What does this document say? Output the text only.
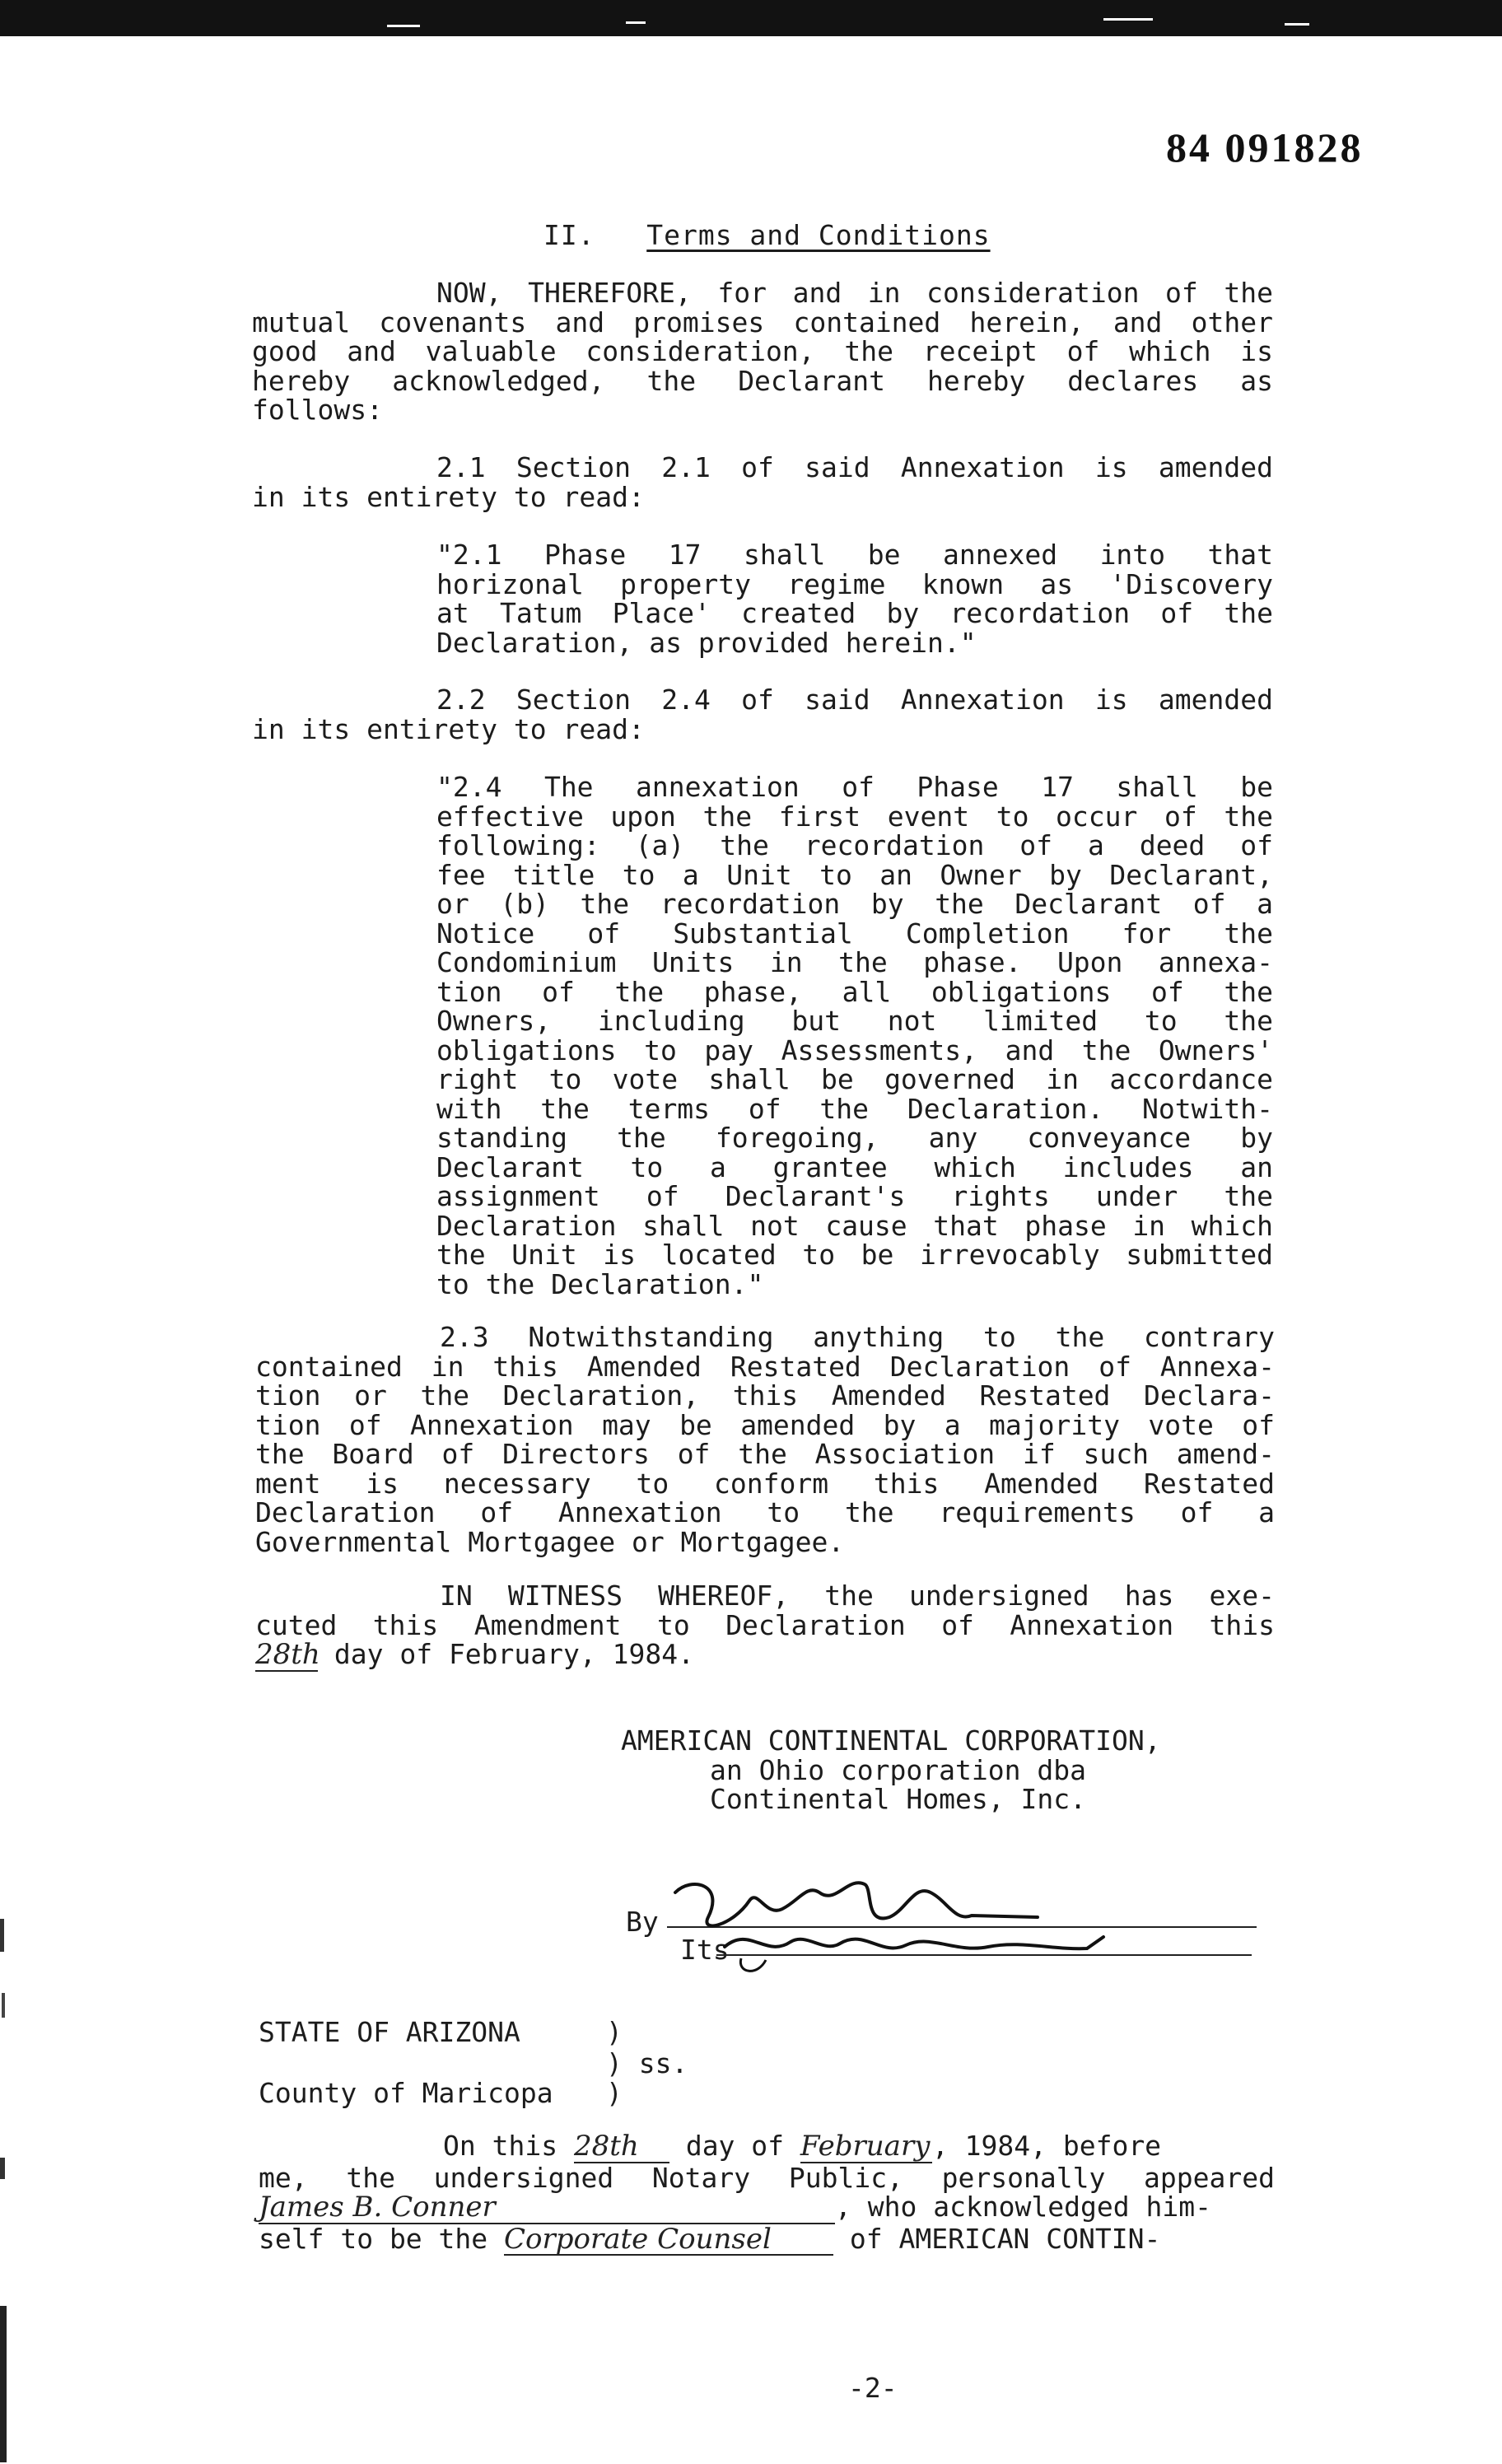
84 091828
II. Terms and Conditions
NOW, THEREFORE, for and in consideration of the
mutual covenants and promises contained herein, and other
good and valuable consideration, the receipt of which is
hereby acknowledged, the Declarant hereby declares as
follows:
2.1 Section 2.1 of said Annexation is amended
in its entirety to read:
"2.1 Phase 17 shall be annexed into that
horizonal property regime known as 'Discovery
at Tatum Place' created by recordation of the
Declaration, as provided herein."
2.2 Section 2.4 of said Annexation is amended
in its entirety to read:
"2.4 The annexation of Phase 17 shall be
effective upon the first event to occur of the
following: (a) the recordation of a deed of
fee title to a Unit to an Owner by Declarant,
or (b) the recordation by the Declarant of a
Notice of Substantial Completion for the
Condominium Units in the phase. Upon annexa-
tion of the phase, all obligations of the
Owners, including but not limited to the
obligations to pay Assessments, and the Owners'
right to vote shall be governed in accordance
with the terms of the Declaration. Notwith-
standing the foregoing, any conveyance by
Declarant to a grantee which includes an
assignment of Declarant's rights under the
Declaration shall not cause that phase in which
the Unit is located to be irrevocably submitted
to the Declaration."
2.3 Notwithstanding anything to the contrary
contained in this Amended Restated Declaration of Annexa-
tion or the Declaration, this Amended Restated Declara-
tion of Annexation may be amended by a majority vote of
the Board of Directors of the Association if such amend-
ment is necessary to conform this Amended Restated
Declaration of Annexation to the requirements of a
Governmental Mortgagee or Mortgagee.
IN WITNESS WHEREOF, the undersigned has exe-
cuted this Amendment to Declaration of Annexation this
28th day of February, 1984.
AMERICAN CONTINENTAL CORPORATION,
an Ohio corporation dba
Continental Homes, Inc.
By
Its
STATE OF ARIZONA	)
) ss.
County of Maricopa )
On this 28th day of February, 1984, before
me, the undersigned Notary Public, personally appeared
James B. Conner	, who acknowledged him-
self to be the Corporate Counsel of AMERICAN CONTIN-
-2-
